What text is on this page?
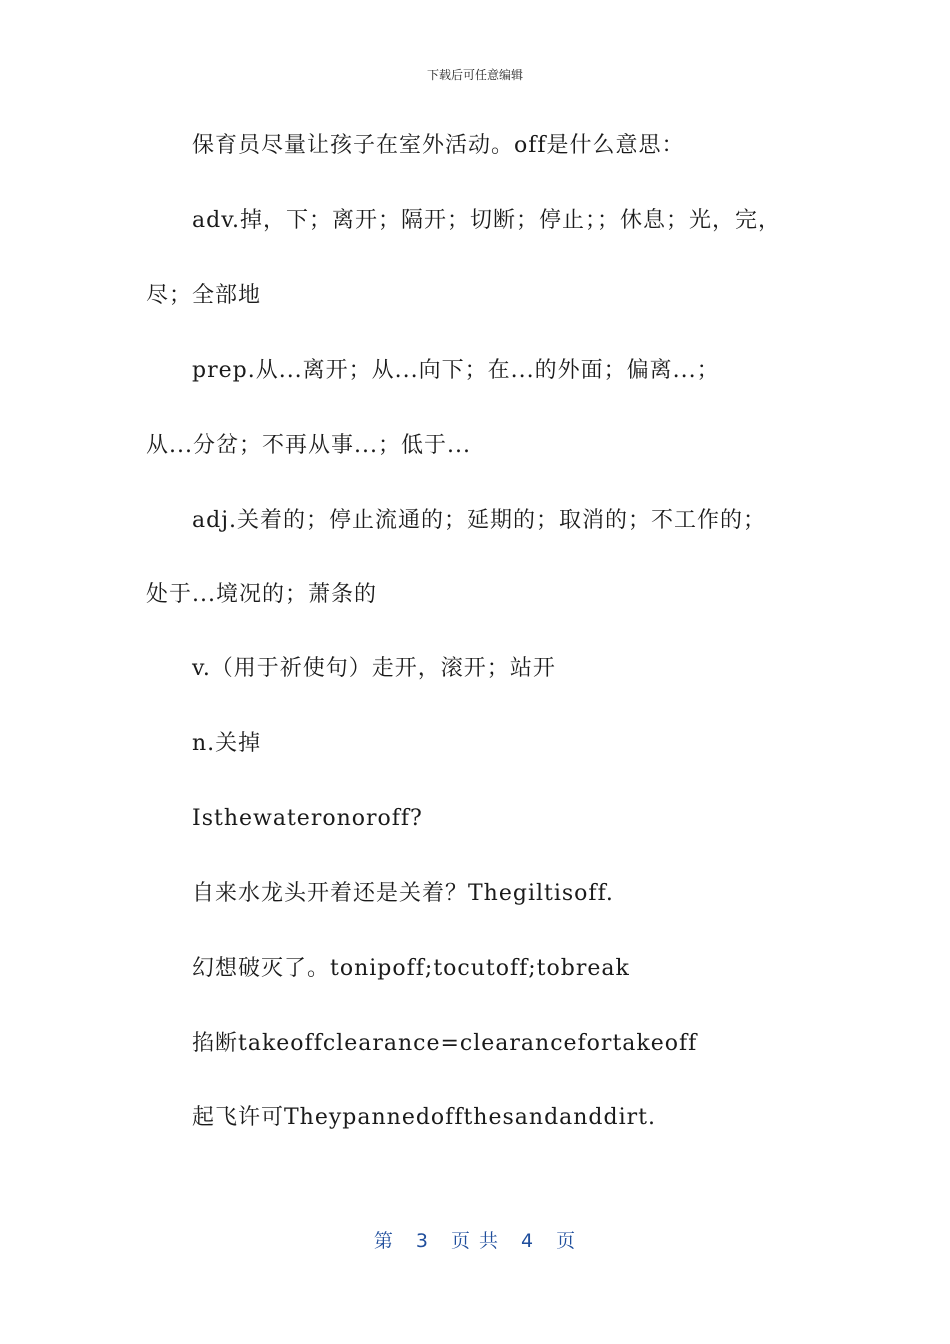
下载后可任意编辑
保育员尽量让孩子在室外活动。off是什么意思：
adv.掉，下；离开；隔开；切断；停止；；休息；光，完，
尽；全部地
prep.从...离开；从...向下；在...的外面；偏离...；
从...分岔；不再从事...；低于...
adj.关着的；停止流通的；延期的；取消的；不工作的；
处于...境况的；萧条的
v.（用于祈使句）走开，滚开；站开
n.关掉
Isthewateronoroff?
自来水龙头开着还是关着？Thegiltisoff.
幻想破灭了。tonipoff;tocutoff;tobreak
掐断takeoffclearance=clearancefortakeoff
起飞许可Theypannedoffthesandanddirt.
第 3 页 共 4 页
